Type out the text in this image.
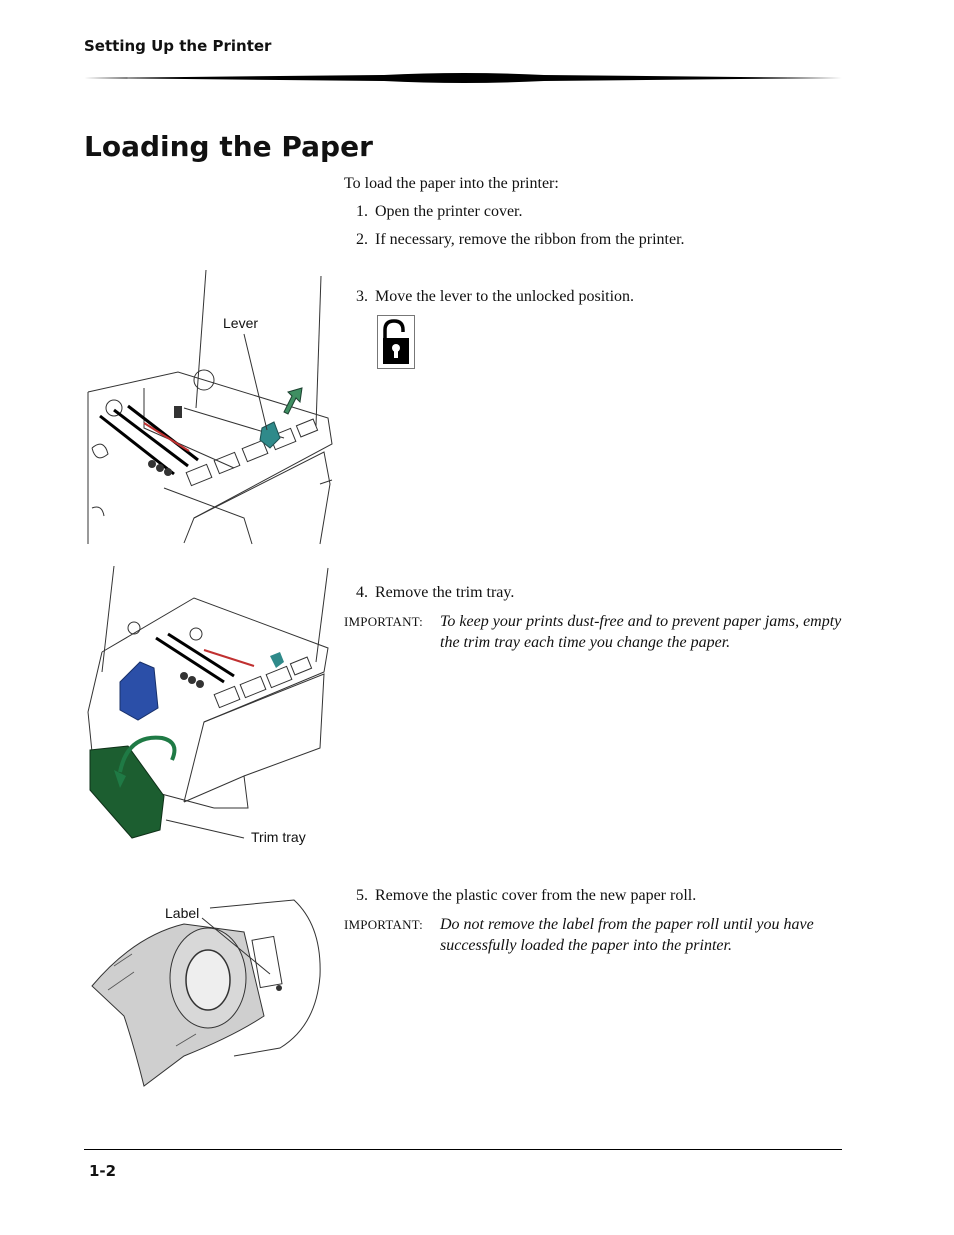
Setting Up the Printer
Loading the Paper
To load the paper into the printer:
1. Open the printer cover.
2. If necessary, remove the ribbon from the printer.
3. Move the lever to the unlocked position.
4. Remove the trim tray.
IMPORTANT: To keep your prints dust-free and to prevent paper jams, empty the trim tray each time you change the paper.
5. Remove the plastic cover from the new paper roll.
IMPORTANT: Do not remove the label from the paper roll until you have successfully loaded the paper into the printer.
Lever
Trim tray
Label
1-2
